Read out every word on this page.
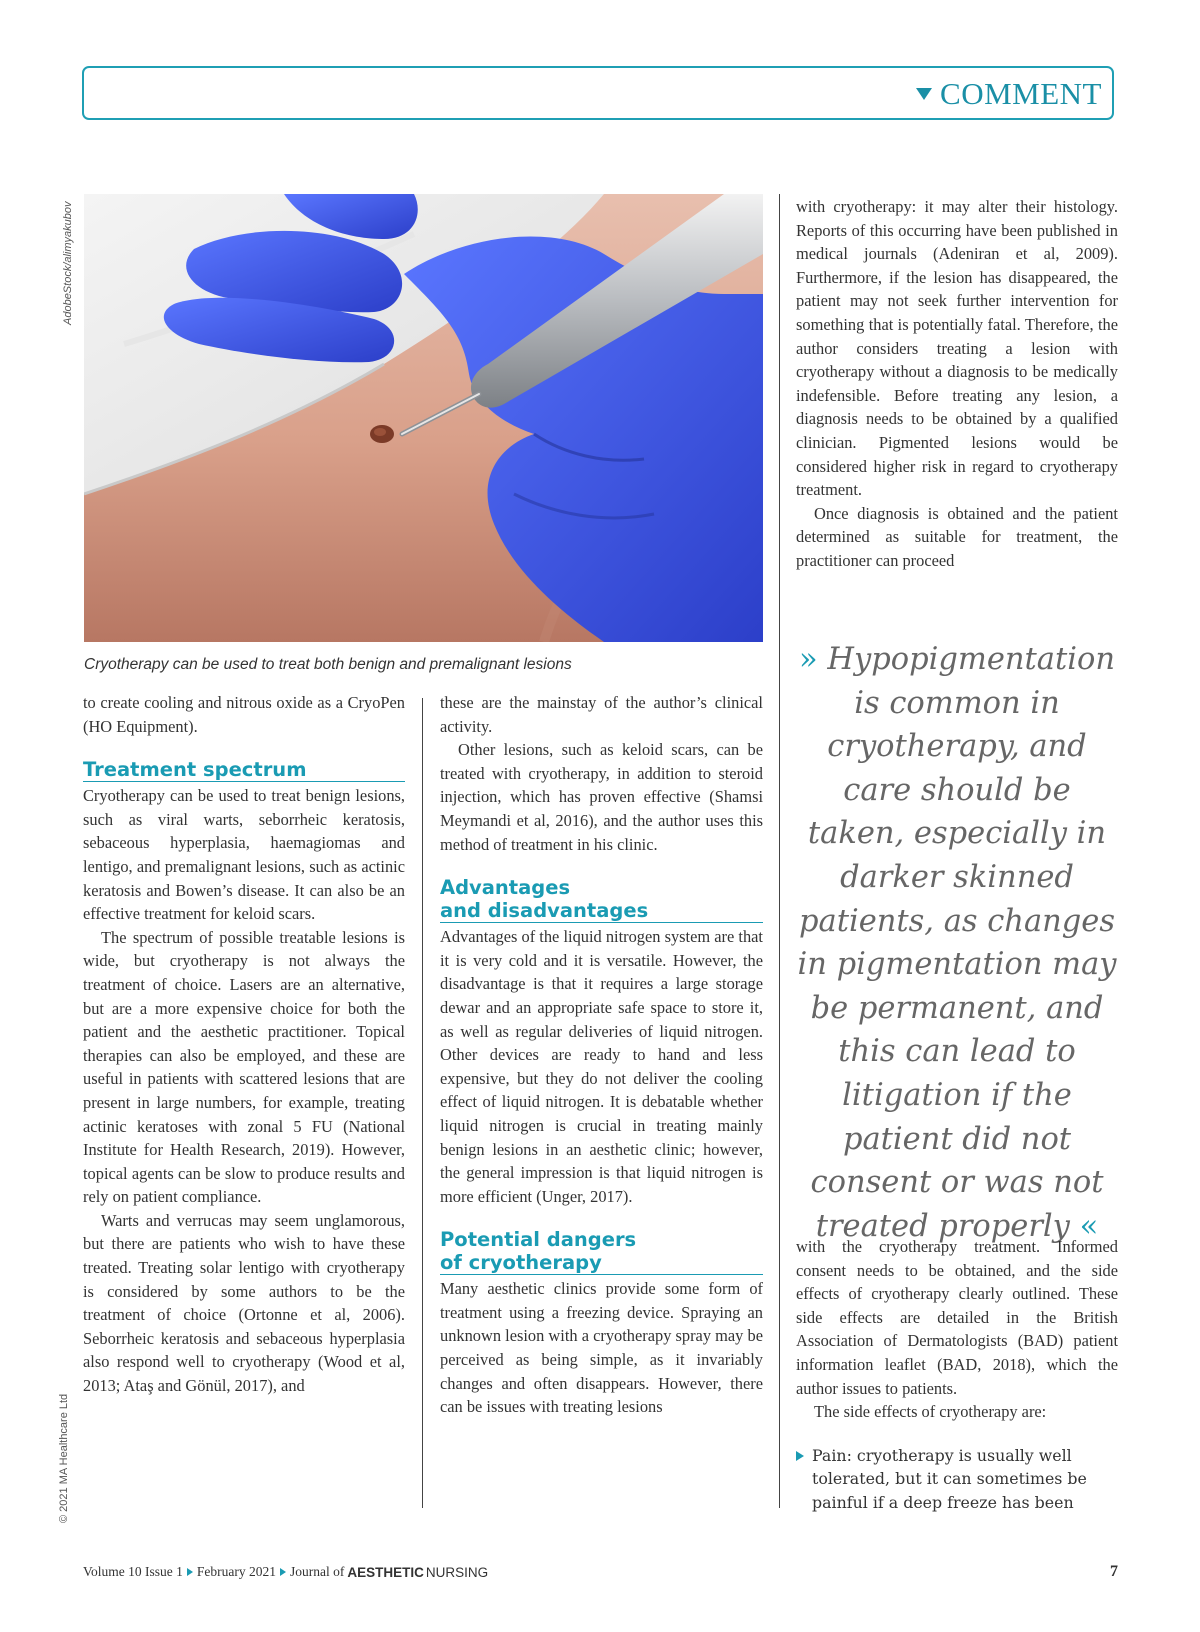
COMMENT
AdobeStock/alimyakubov
© 2021 MA Healthcare Ltd
Cryotherapy can be used to treat both benign and premalignant lesions

to create cooling and nitrous oxide as a CryoPen (HO Equipment).

Treatment spectrum

Cryotherapy can be used to treat benign lesions, such as viral warts, seborrheic keratosis, sebaceous hyperplasia, haemagiomas and lentigo, and premalignant lesions, such as actinic keratosis and Bowen’s disease. It can also be an effective treatment for keloid scars.

The spectrum of possible treatable lesions is wide, but cryotherapy is not always the treatment of choice. Lasers are an alternative, but are a more expensive choice for both the patient and the aesthetic practitioner. Topical therapies can also be employed, and these are useful in patients with scattered lesions that are present in large numbers, for example, treating actinic keratoses with zonal 5 FU (National Institute for Health Research, 2019). However, topical agents can be slow to produce results and rely on patient compliance.

Warts and verrucas may seem unglamorous, but there are patients who wish to have these treated. Treating solar lentigo with cryotherapy is considered by some authors to be the treatment of choice (Ortonne et al, 2006). Seborrheic keratosis and sebaceous hyperplasia also respond well to cryotherapy (Wood et al, 2013; Ataş and Gönül, 2017), and

these are the mainstay of the author’s clinical activity.

Other lesions, such as keloid scars, can be treated with cryotherapy, in addition to steroid injection, which has proven effective (Shamsi Meymandi et al, 2016), and the author uses this method of treatment in his clinic.

Advantages
and disadvantages

Advantages of the liquid nitrogen system are that it is very cold and it is versatile. However, the disadvantage is that it requires a large storage dewar and an appropriate safe space to store it, as well as regular deliveries of liquid nitrogen. Other devices are ready to hand and less expensive, but they do not deliver the cooling effect of liquid nitrogen. It is debatable whether liquid nitrogen is crucial in treating mainly benign lesions in an aesthetic clinic; however, the general impression is that liquid nitrogen is more efficient (Unger, 2017).

Potential dangers
of cryotherapy

Many aesthetic clinics provide some form of treatment using a freezing device. Spraying an unknown lesion with a cryotherapy spray may be perceived as being simple, as it invariably changes and often disappears. However, there can be issues with treating lesions

with cryotherapy: it may alter their histology. Reports of this occurring have been published in medical journals (Adeniran et al, 2009). Furthermore, if the lesion has disappeared, the patient may not seek further intervention for something that is potentially fatal. Therefore, the author considers treating a lesion with cryotherapy without a diagnosis to be medically indefensible. Before treating any lesion, a diagnosis needs to be obtained by a qualified clinician. Pigmented lesions would be considered higher risk in regard to cryotherapy treatment.

Once diagnosis is obtained and the patient determined as suitable for treatment, the practitioner can proceed

» Hypopigmentation is common in cryotherapy, and care should be taken, especially in darker skinned patients, as changes in pigmentation may be permanent, and this can lead to litigation if the patient did not consent or was not treated properly «

with the cryotherapy treatment. Informed consent needs to be obtained, and the side effects of cryotherapy clearly outlined. These side effects are detailed in the British Association of Dermatologists (BAD) patient information leaflet (BAD, 2018), which the author issues to patients.

The side effects of cryotherapy are:

Pain: cryotherapy is usually well tolerated, but it can sometimes be painful if a deep freeze has been
Volume 10 Issue 1 February 2021 Journal of AESTHETIC NURSING	7
